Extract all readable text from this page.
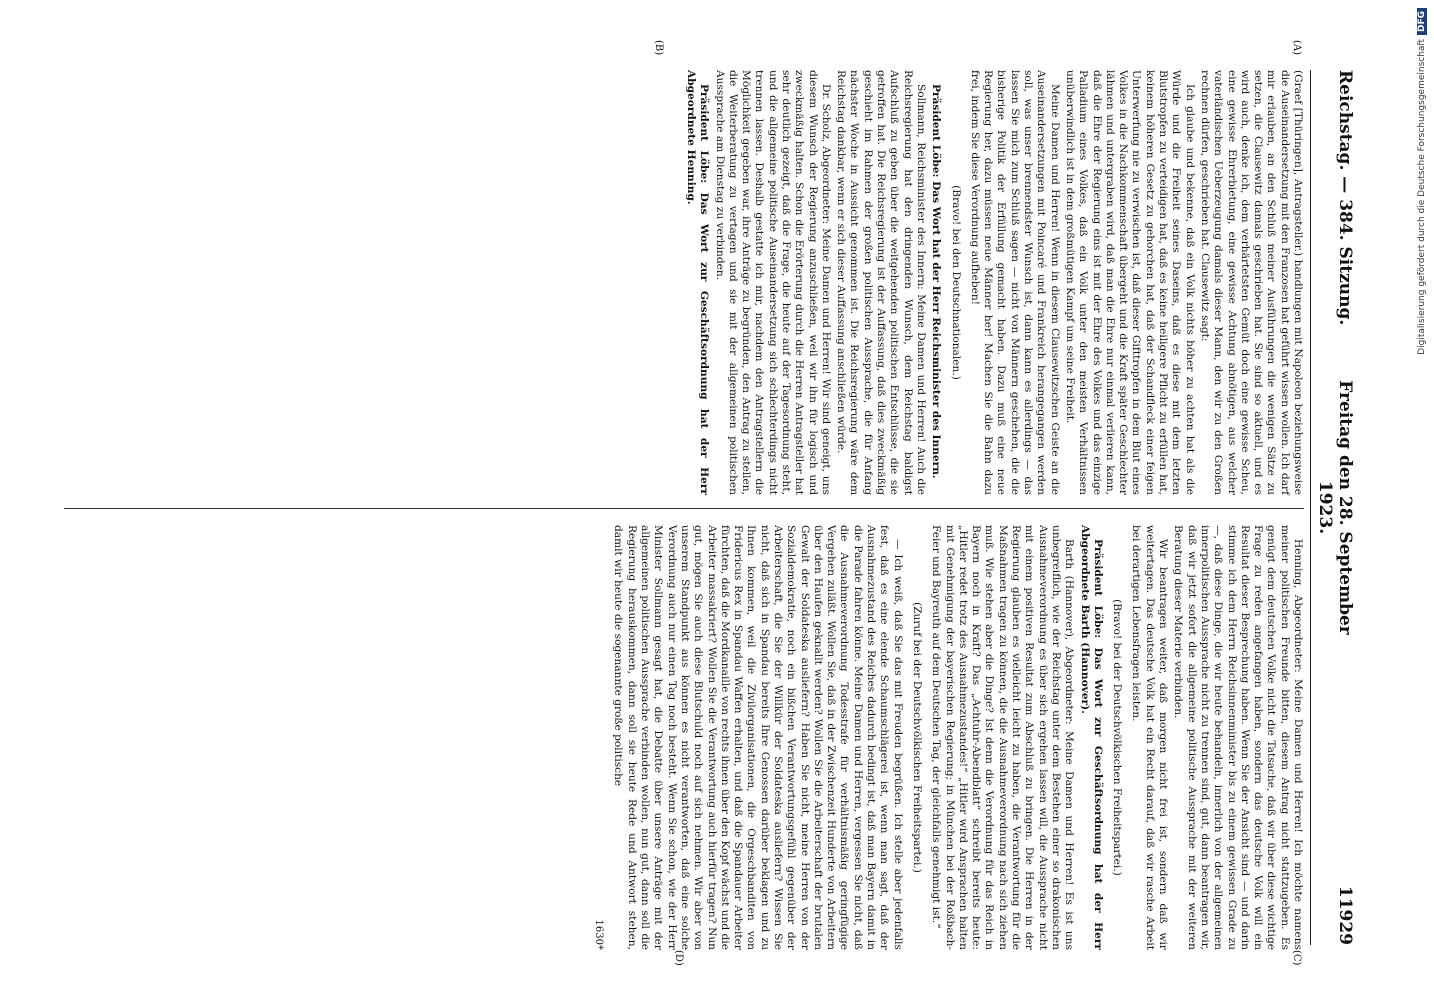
Reichstag. — 384. Sitzung.
Freitag den 28. September 1923.
11929
(A)
(B)
(C)
(D)

(Graef [Thüringen], Antragsteller.) handlungen mit Napoleon beziehungsweise die Auseinandersetzung mit den Franzosen hat geführt wissen wollen. Ich darf mir erlauben, an den Schluß meiner Ausführungen die wenigen Sätze zu setzen, die Clausewitz damals geschrieben hat. Sie sind so aktuell, und es wird auch, denke ich, dem verhärtetsten Gemüt doch eine gewisse Scheu, eine gewisse Ehrerbietung, eine gewisse Achtung abnötigen, aus welcher vaterländischen Ueberzeugung damals dieser Mann, den wir zu den Großen rechnen dürfen, geschrieben hat. Clausewitz sagt:

Ich glaube und bekenne, daß ein Volk nichts höher zu achten hat als die Würde und die Freiheit seines Daseins, daß es diese mit dem letzten Blutstropfen zu verteidigen hat, daß es keine heiligere Pflicht zu erfüllen hat, keinem höheren Gesetz zu gehorchen hat, daß der Schandfleck einer feigen Unterwerfung nie zu verwischen ist, daß dieser Gifttropfen in dem Blut eines Volkes in die Nachkommenschaft übergeht und die Kraft später Geschlechter lähmen und untergraben wird, daß man die Ehre nur einmal verlieren kann, daß die Ehre der Regierung eins ist mit der Ehre des Volkes und das einzige Palladium eines Volkes, daß ein Volk unter den meisten Verhältnissen unüberwindlich ist in dem großmütigen Kampf um seine Freiheit.

Meine Damen und Herren! Wenn in diesem Clausewitzschen Geiste an die Auseinandersetzungen mit Poincaré und Frankreich herangegangen werden soll, was unser brennendster Wunsch ist, dann kann es allerdings — das lassen Sie mich zum Schluß sagen — nicht von Männern geschehen, die die bisherige Politik der Erfüllung gemacht haben. Dazu muß eine neue Regierung her, dazu müssen neue Männer her! Machen Sie die Bahn dazu frei, indem Sie diese Verordnung aufheben!

(Bravo! bei den Deutschnationalen.)

Präsident Löbe: Das Wort hat der Herr Reichsminister des Innern.

Sollmann, Reichsminister des Innern: Meine Damen und Herren! Auch die Reichsregierung hat den dringenden Wunsch, dem Reichstag baldigst Aufschluß zu geben über die weitgehenden politischen Entschlüsse, die sie getroffen hat. Die Reichsregierung ist der Auffassung, daß dies zweckmäßig geschieht im Rahmen der großen politischen Aussprache, die für Anfang nächster Woche in Aussicht genommen ist. Die Reichsregierung wäre dem Reichstag dankbar, wenn er sich dieser Auffassung anschließen würde.

Dr. Scholz, Abgeordneter: Meine Damen und Herren! Wir sind geneigt, uns diesem Wunsch der Regierung anzuschließen, weil wir ihn für logisch und zweckmäßig halten. Schon die Erörterung durch die Herren Antragsteller hat sehr deutlich gezeigt, daß die Frage, die heute auf der Tagesordnung steht, und die allgemeine politische Auseinandersetzung sich schlechterdings nicht trennen lassen. Deshalb gestatte ich mir, nachdem den Antragstellern die Möglichkeit gegeben war, ihre Anträge zu begründen, den Antrag zu stellen, die Weiterberatung zu vertagen und sie mit der allgemeinen politischen Aussprache am Dienstag zu verbinden.

Präsident Löbe: Das Wort zur Geschäftsordnung hat der Herr Abgeordnete Henning.

Henning, Abgeordneter: Meine Damen und Herren! Ich möchte namens meiner politischen Freunde bitten, diesem Antrag nicht stattzugeben. Es genügt dem deutschen Volke nicht die Tatsache, daß wir über diese wichtige Frage zu reden angefangen haben, sondern das deutsche Volk will ein Resultat dieser Besprechung haben. Wenn Sie der Ansicht sind — und darin stimme ich dem Herrn Reichsinnenminister bis zu einem gewissen Grade zu —, daß diese Dinge, die wir heute behandeln, innerlich von der allgemeinen innerpolitischen Aussprache nicht zu trennen sind, gut, dann beantragen wir, daß wir jetzt sofort die allgemeine politische Aussprache mit der weiteren Beratung dieser Materie verbinden.

Wir beantragen weiter, daß morgen nicht frei ist, sondern daß wir weitertagen. Das deutsche Volk hat ein Recht darauf, daß wir rasche Arbeit bei derartigen Lebensfragen leisten.

(Bravo! bei der Deutschvölkischen Freiheitspartei.)

Präsident Löbe: Das Wort zur Geschäftsordnung hat der Herr Abgeordnete Barth (Hannover).

Barth (Hannover), Abgeordneter: Meine Damen und Herren! Es ist uns unbegreiflich, wie der Reichstag unter dem Bestehen einer so drakonischen Ausnahmeverordnung es über sich ergehen lassen will, die Aussprache nicht mit einem positiven Resultat zum Abschluß zu bringen. Die Herren in der Regierung glauben es vielleicht leicht zu haben, die Verantwortung für die Maßnahmen tragen zu können, die die Ausnahmeverordnung nach sich ziehen muß. Wie stehen aber die Dinge? Ist denn die Verordnung für das Reich in Bayern noch in Kraft? Das „Achtuhr-Abendblatt“ schreibt bereits heute: „Hitler redet trotz des Ausnahmezustandes!“ „Hitler wird Ansprachen halten mit Genehmigung der bayerischen Regierung; in München bei der Roßbach-Feier und Bayreuth auf dem Deutschen Tag, der gleichfalls genehmigt ist.“

(Zuruf bei der Deutschvölkischen Freiheitspartei.)

— Ich weiß, daß Sie das mit Freuden begrüßen. Ich stelle aber jedenfalls fest, daß es eine elende Schaumschlägerei ist, wenn man sagt, daß der Ausnahmezustand des Reiches dadurch bedingt ist, daß man Bayern damit in die Parade fahren könne. Meine Damen und Herren, vergessen Sie nicht, daß die Ausnahmeverordnung Todesstrafe für verhältnismäßig geringfügige Vergehen zuläßt. Wollen Sie, daß in der Zwischenzeit Hunderte von Arbeitern über den Haufen geknallt werden? Wollen Sie die Arbeiterschaft der brutalen Gewalt der Soldateska ausliefern? Haben Sie nicht, meine Herren von der Sozialdemokratie, noch ein bißchen Verantwortungsgefühl gegenüber der Arbeiterschaft, die Sie der Willkür der Soldateska ausliefern? Wissen Sie nicht, daß sich in Spandau bereits Ihre Genossen darüber beklagen und zu Ihnen kommen, weil die Zivilorganisationen, die Orgeschbanditen von Fridericus Rex in Spandau Waffen erhalten, und daß die Spandauer Arbeiter fürchten, daß die Mordkanaille von rechts ihnen über den Kopf wächst und die Arbeiter massakriert? Wollen Sie die Verantwortung auch hierfür tragen? Nun gut, mögen Sie auch diese Blutschuld noch auf sich nehmen. Wir aber von unserem Standpunkt aus können es nicht verantworten, daß eine solche Verordnung auch nur einen Tag noch besteht. Wenn Sie schon, wie der Herr Minister Sollmann gesagt hat, die Debatte über unsere Anträge mit der allgemeinen politischen Aussprache verbinden wollen, nun gut, dann soll die Regierung herauskommen, dann soll sie heute Rede und Antwort stehen, damit wir heute die sogenannte große politische

1630*
Digitalisierung gefördert durch die Deutsche Forschungsgemeinschaft
DFG
